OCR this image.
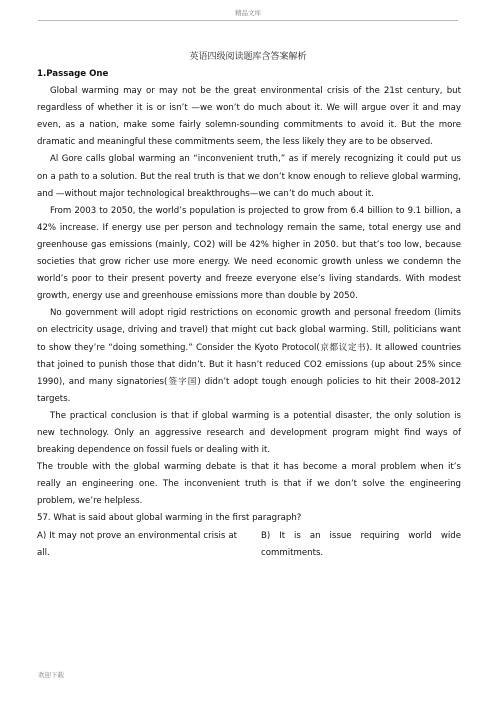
精品文库
英语四级阅读题库含答案解析

1.Passage One

Global warming may or may not be the great environmental crisis of the 21st century, but regardless of whether it is or isn’t —we won’t do much about it. We will argue over it and may even, as a nation, make some fairly solemn-sounding commitments to avoid it. But the more dramatic and meaningful these commitments seem, the less likely they are to be observed.

Al Gore calls global warming an “inconvenient truth,” as if merely recognizing it could put us on a path to a solution. But the real truth is that we don’t know enough to relieve global warming, and —without major technological breakthroughs—we can’t do much about it.

From 2003 to 2050, the world’s population is projected to grow from 6.4 billion to 9.1 billion, a 42% increase. If energy use per person and technology remain the same, total energy use and greenhouse gas emissions (mainly, CO2) will be 42% higher in 2050. but that’s too low, because societies that grow richer use more energy. We need economic growth unless we condemn the world’s poor to their present poverty and freeze everyone else’s living standards. With modest growth, energy use and greenhouse emissions more than double by 2050.

No government will adopt rigid restrictions on economic growth and personal freedom (limits on electricity usage, driving and travel) that might cut back global warming. Still, politicians want to show they’re “doing something.” Consider the Kyoto Protocol(京都议定书). It allowed countries that joined to punish those that didn’t. But it hasn’t reduced CO2 emissions (up about 25% since 1990), and many signatories(签字国) didn’t adopt tough enough policies to hit their 2008-2012 targets.

The practical conclusion is that if global warming is a potential disaster, the only solution is new technology. Only an aggressive research and development program might find ways of breaking dependence on fossil fuels or dealing with it.

The trouble with the global warming debate is that it has become a moral problem when it’s really an engineering one. The inconvenient truth is that if we don’t solve the engineering problem, we’re helpless.

57. What is said about global warming in the first paragraph?

A) It may not prove an environmental crisis at all.
B) It is an issue requiring world wide commitments.
欢迎下载
